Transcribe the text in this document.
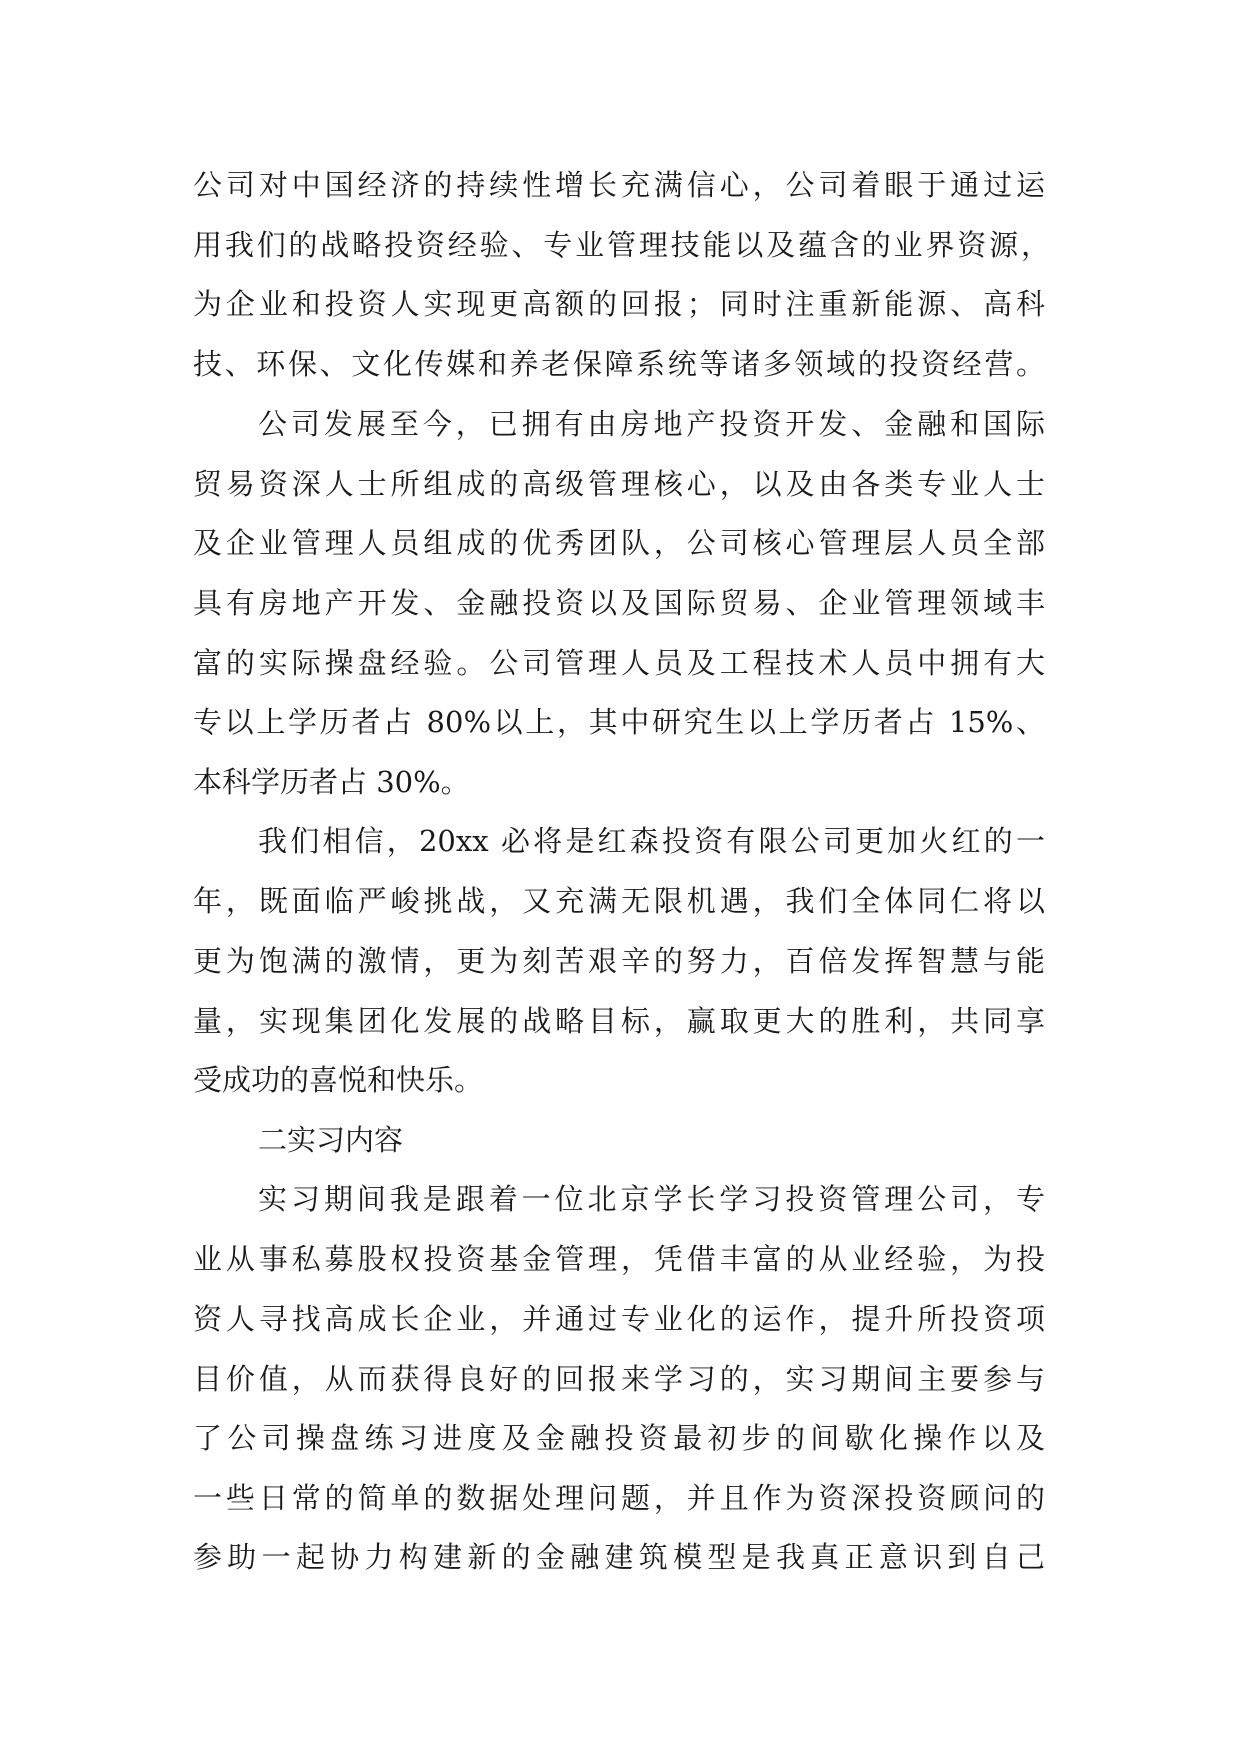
公司对中国经济的持续性增长充满信心，公司着眼于通过运
用我们的战略投资经验、专业管理技能以及蕴含的业界资源，
为企业和投资人实现更高额的回报；同时注重新能源、高科
技、环保、文化传媒和养老保障系统等诸多领域的投资经营。
公司发展至今，已拥有由房地产投资开发、金融和国际
贸易资深人士所组成的高级管理核心，以及由各类专业人士
及企业管理人员组成的优秀团队，公司核心管理层人员全部
具有房地产开发、金融投资以及国际贸易、企业管理领域丰
富的实际操盘经验。公司管理人员及工程技术人员中拥有大
专以上学历者占 80%以上，其中研究生以上学历者占 15%、
本科学历者占 30%。
我们相信，20xx 必将是红森投资有限公司更加火红的一
年，既面临严峻挑战，又充满无限机遇，我们全体同仁将以
更为饱满的激情，更为刻苦艰辛的努力，百倍发挥智慧与能
量，实现集团化发展的战略目标，赢取更大的胜利，共同享
受成功的喜悦和快乐。
二实习内容
实习期间我是跟着一位北京学长学习投资管理公司，专
业从事私募股权投资基金管理，凭借丰富的从业经验，为投
资人寻找高成长企业，并通过专业化的运作，提升所投资项
目价值，从而获得良好的回报来学习的，实习期间主要参与
了公司操盘练习进度及金融投资最初步的间歇化操作以及
一些日常的简单的数据处理问题，并且作为资深投资顾问的
参助一起协力构建新的金融建筑模型是我真正意识到自己
